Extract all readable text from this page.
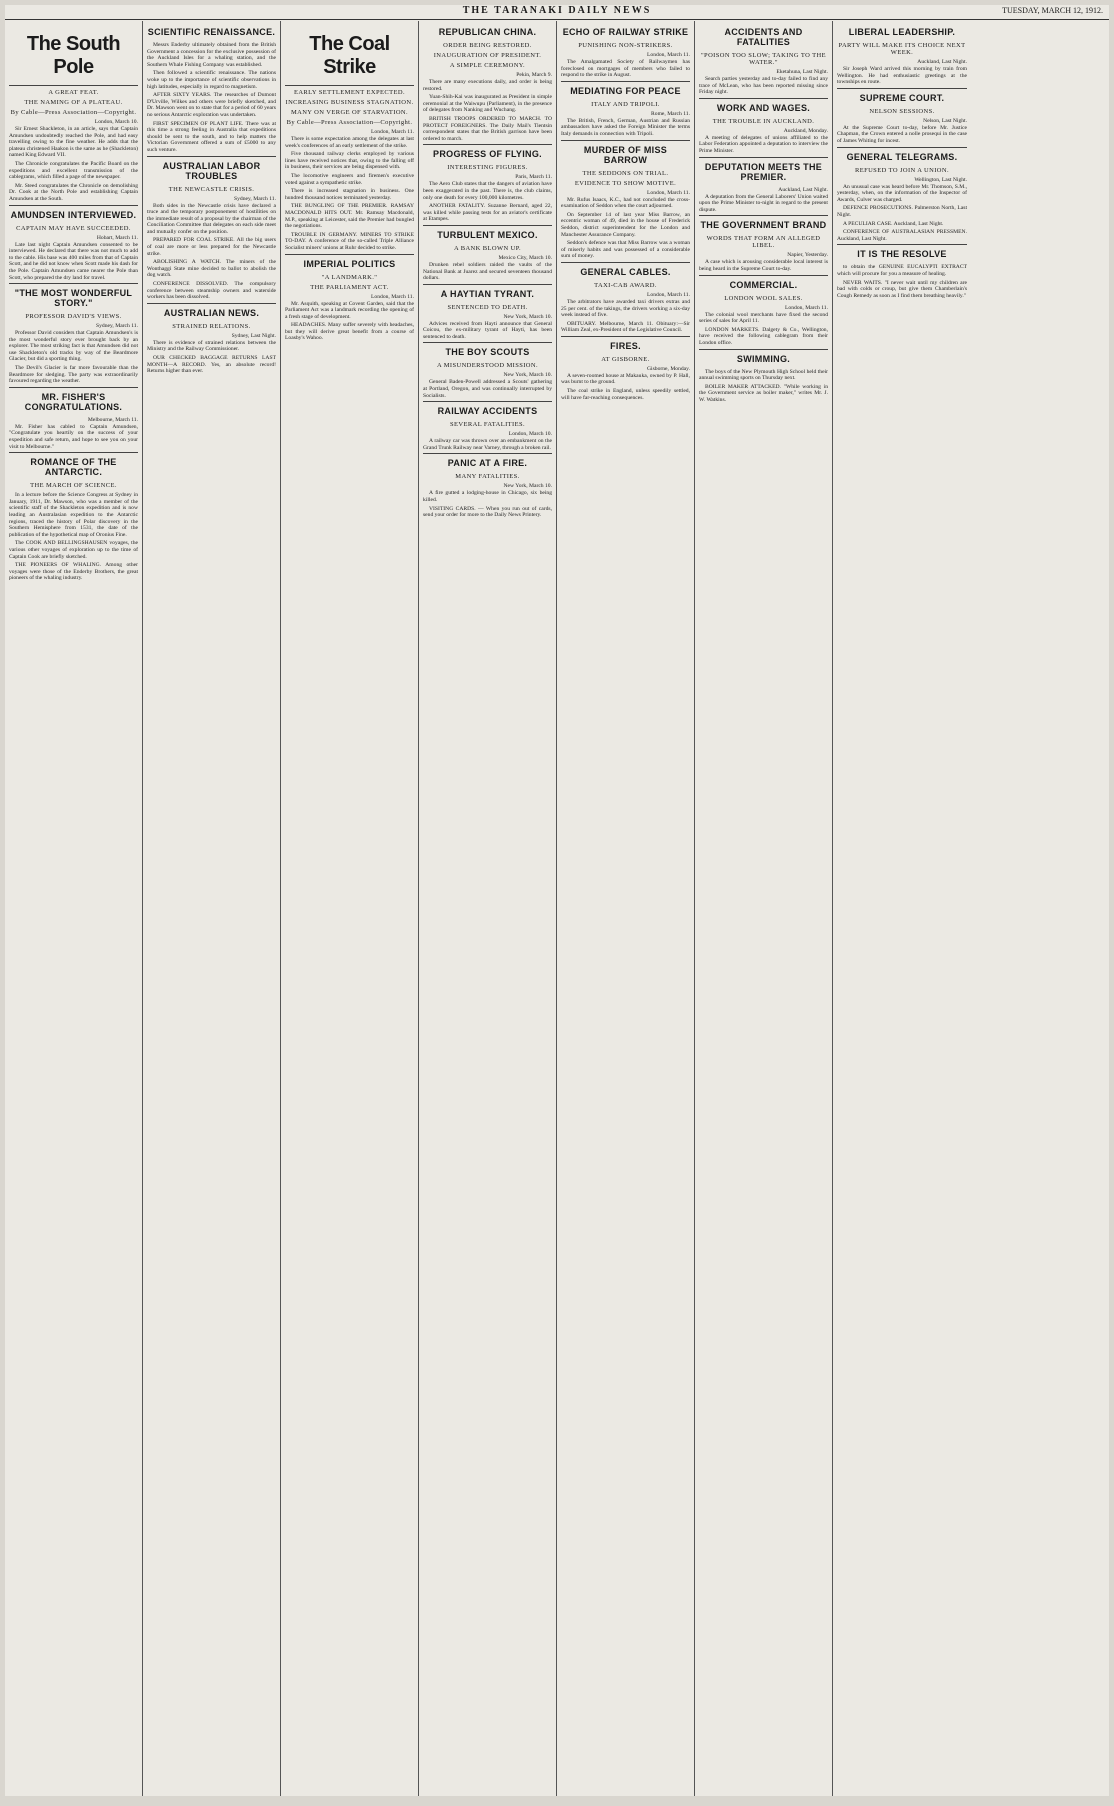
THE TARANAKI DAILY NEWS	TUESDAY, MARCH 12, 1912.
The South Pole
A GREAT FEAT.
THE NAMING OF A PLATEAU.
By Cable—Press Association—Copyright.
London, March 10.

Sir Ernest Shackleton, in an article, says that Captain Amundsen undoubtedly reached the Pole, and had easy travelling owing to the fine weather. He adds that the plateau christened Haakon is the same as he (Shackleton) named King Edward VII.

The Chronicle congratulates the Pacific Board on the expeditions and excellent transmission of the cablegrams, which filled a page of the newspaper.

Mr. Steed congratulates the Chronicle on demolishing Dr. Cook at the North Pole and establishing Captain Amundsen at the South.

AMUNDSEN INTERVIEWED.
CAPTAIN MAY HAVE SUCCEEDED.
Hobart, March 11.

Late last night Captain Amundsen consented to be interviewed. He declared that there was not much to add to the cable. His base was 400 miles from that of Captain Scott, and he did not know when Scott made his dash for the Pole. Captain Amundsen came nearer the Pole than Scott, who prepared the dry land for travel.

"THE MOST WONDERFUL STORY."
PROFESSOR DAVID'S VIEWS.
Sydney, March 11.

Professor David considers that Captain Amundsen's is the most wonderful story ever brought back by an explorer. The most striking fact is that Amundsen did not use Shackleton's old tracks by way of the Beardmore Glacier, but did a sporting thing.

The Devil's Glacier is far more favourable than the Beardmore for sledging. The party was extraordinarily favoured regarding the weather.

MR. FISHER'S CONGRATULATIONS.
Melbourne, March 11.

Mr. Fisher has cabled to Captain Amundsen, "Congratulate you heartily on the success of your expedition and safe return, and hope to see you on your visit to Melbourne."

ROMANCE OF THE ANTARCTIC.
THE MARCH OF SCIENCE.

In a lecture before the Science Congress at Sydney in January, 1911, Dr. Mawson, who was a member of the scientific staff of the Shackleton expedition and is now leading an Australasian expedition to the Antarctic regions, traced the history of Polar discovery in the Southern Hemisphere from 1531, the date of the publication of the hypothetical map of Oronius Fine.

The COOK AND BELLINGSHAUSEN voyages, the various other voyages of exploration up to the time of Captain Cook are briefly sketched.

THE PIONEERS OF WHALING. Among other voyages were those of the Enderby Brothers, the great pioneers of the whaling industry.

SCIENTIFIC RENAISSANCE.

Messrs Enderby ultimately obtained from the British Government a concession for the exclusive possession of the Auckland Isles for a whaling station, and the Southern Whale Fishing Company was established.

Then followed a scientific renaissance. The nations woke up to the importance of scientific observations in high latitudes, especially in regard to magnetism.

AFTER SIXTY YEARS. The researches of Dumont D'Urville, Wilkes and others were briefly sketched, and Dr. Mawson went on to state that for a period of 60 years no serious Antarctic exploration was undertaken.

FIRST SPECIMEN OF PLANT LIFE. There was at this time a strong feeling in Australia that expeditions should be sent to the south, and to help matters the Victorian Government offered a sum of £5000 to any such venture.

AUSTRALIAN LABOR TROUBLES
THE NEWCASTLE CRISIS.
Sydney, March 11.

Both sides in the Newcastle crisis have declared a truce and the temporary postponement of hostilities on the immediate result of a proposal by the chairman of the Conciliation Committee that delegates on each side meet and mutually confer on the position.

PREPARED FOR COAL STRIKE. All the big users of coal are more or less prepared for the Newcastle strike.

ABOLISHING A WATCH. The miners of the Wonthaggi State mine decided to ballot to abolish the dog watch.

CONFERENCE DISSOLVED. The compulsory conference between steamship owners and waterside workers has been dissolved.

AUSTRALIAN NEWS.
STRAINED RELATIONS.
Sydney, Last Night.

There is evidence of strained relations between the Ministry and the Railway Commissioner.

OUR CHECKED BAGGAGE RETURNS LAST MONTH—A RECORD. Yes, an absolute record! Returns higher than ever.

The Coal Strike
EARLY SETTLEMENT EXPECTED.
INCREASING BUSINESS STAGNATION.
MANY ON VERGE OF STARVATION.
By Cable—Press Association—Copyright.
London, March 11.

There is some expectation among the delegates at last week's conferences of an early settlement of the strike.

Five thousand railway clerks employed by various lines have received notices that, owing to the falling off in business, their services are being dispensed with.

The locomotive engineers and firemen's executive voted against a sympathetic strike.

There is increased stagnation in business. One hundred thousand notices terminated yesterday.

THE BUNGLING OF THE PREMIER. RAMSAY MACDONALD HITS OUT. Mr. Ramsay Macdonald, M.P., speaking at Leicester, said the Premier had bungled the negotiations.

TROUBLE IN GERMANY. MINERS TO STRIKE TO-DAY. A conference of the so-called Triple Alliance Socialist miners' unions at Ruhr decided to strike.

IMPERIAL POLITICS
"A LANDMARK."
THE PARLIAMENT ACT.
London, March 11.

Mr. Asquith, speaking at Covent Garden, said that the Parliament Act was a landmark recording the opening of a fresh stage of development.

HEADACHES. Many suffer severely with headaches, but they will derive great benefit from a course of Loasby's Wahoo.

REPUBLICAN CHINA.
ORDER BEING RESTORED.
INAUGURATION OF PRESIDENT.
A SIMPLE CEREMONY.
Pekin, March 9.

There are many executions daily, and order is being restored.

Yuan-Shih-Kai was inaugurated as President in simple ceremonial at the Waiwupu (Parliament), in the presence of delegates from Nanking and Wuchang.

BRITISH TROOPS ORDERED TO MARCH. TO PROTECT FOREIGNERS. The Daily Mail's Tientsin correspondent states that the British garrison have been ordered to march.

PROGRESS OF FLYING.
INTERESTING FIGURES.
Paris, March 11.

The Aero Club states that the dangers of aviation have been exaggerated in the past. There is, the club claims, only one death for every 100,000 kilometres.

ANOTHER FATALITY. Suzanne Bernard, aged 22, was killed while passing tests for an aviator's certificate at Etampes.

TURBULENT MEXICO.
A BANK BLOWN UP.
Mexico City, March 10.

Drunken rebel soldiers raided the vaults of the National Bank at Juarez and secured seventeen thousand dollars.

A HAYTIAN TYRANT.
SENTENCED TO DEATH.
New York, March 10.

Advices received from Hayti announce that General Coicou, the ex-military tyrant of Hayti, has been sentenced to death.

THE BOY SCOUTS
A MISUNDERSTOOD MISSION.
New York, March 10.

General Baden-Powell addressed a Scouts' gathering at Portland, Oregon, and was continually interrupted by Socialists.

RAILWAY ACCIDENTS
SEVERAL FATALITIES.
London, March 10.

A railway car was thrown over an embankment on the Grand Trunk Railway near Varney, through a broken rail.

PANIC AT A FIRE.
MANY FATALITIES.
New York, March 10.

A fire gutted a lodging-house in Chicago, six being killed.

VISITING CARDS. — When you run out of cards, send your order for more to the Daily News Printery.

ECHO OF RAILWAY STRIKE
PUNISHING NON-STRIKERS.
London, March 11.

The Amalgamated Society of Railwaymen has foreclosed on mortgages of members who failed to respond to the strike in August.

MEDIATING FOR PEACE
ITALY AND TRIPOLI.
Rome, March 11.

The British, French, German, Austrian and Russian ambassadors have asked the Foreign Minister the terms Italy demands in connection with Tripoli.

MURDER OF MISS BARROW
THE SEDDONS ON TRIAL.
EVIDENCE TO SHOW MOTIVE.
London, March 11.

Mr. Rufus Isaacs, K.C., had not concluded the cross-examination of Seddon when the court adjourned.

On September 14 of last year Miss Barrow, an eccentric woman of 49, died in the house of Frederick Seddon, district superintendent for the London and Manchester Assurance Company.

Seddon's defence was that Miss Barrow was a woman of miserly habits and was possessed of a considerable sum of money.

GENERAL CABLES.
TAXI-CAB AWARD.
London, March 11.

The arbitrators have awarded taxi drivers extras and 25 per cent. of the takings, the drivers working a six-day week instead of five.

OBITUARY. Melbourne, March 11. Obituary:—Sir William Zeal, ex-President of the Legislative Council.

FIRES.
AT GISBORNE.
Gisborne, Monday.

A seven-roomed house at Makauka, owned by P. Hall, was burnt to the ground.

The coal strike in England, unless speedily settled, will have far-reaching consequences.

ACCIDENTS AND FATALITIES
"POISON TOO SLOW; TAKING TO THE WATER."
Eketahuna, Last Night.

Search parties yesterday and to-day failed to find any trace of McLean, who has been reported missing since Friday night.

WORK AND WAGES.
THE TROUBLE IN AUCKLAND.
Auckland, Monday.

A meeting of delegates of unions affiliated to the Labor Federation appointed a deputation to interview the Prime Minister.

DEPUTATION MEETS THE PREMIER.
Auckland, Last Night.

A deputation from the General Laborers' Union waited upon the Prime Minister to-night in regard to the present dispute.

THE GOVERNMENT BRAND
WORDS THAT FORM AN ALLEGED LIBEL.
Napier, Yesterday.

A case which is arousing considerable local interest is being heard in the Supreme Court to-day.

COMMERCIAL.
LONDON WOOL SALES.
London, March 11.

The colonial wool merchants have fixed the second series of sales for April 11.

LONDON MARKETS. Dalgety & Co., Wellington, have received the following cablegram from their London office.

SWIMMING.

The boys of the New Plymouth High School held their annual swimming sports on Thursday next.

BOILER MAKER ATTACKED. "While working in the Government service as boiler maker," writes Mr. J. W. Watkins.

LIBERAL LEADERSHIP.
PARTY WILL MAKE ITS CHOICE NEXT WEEK.
Auckland, Last Night.

Sir Joseph Ward arrived this morning by train from Wellington. He had enthusiastic greetings at the townships en route.

SUPREME COURT.
NELSON SESSIONS.
Nelson, Last Night.

At the Supreme Court to-day, before Mr. Justice Chapman, the Crown entered a nolle prosequi in the case of James Whiting for incest.

GENERAL TELEGRAMS.
REFUSED TO JOIN A UNION.
Wellington, Last Night.

An unusual case was heard before Mr. Thomson, S.M., yesterday, when, on the information of the Inspector of Awards, Culver was charged.

DEFENCE PROSECUTIONS. Palmerston North, Last Night.

A PECULIAR CASE. Auckland, Last Night.

CONFERENCE OF AUSTRALASIAN PRESSMEN. Auckland, Last Night.

IT IS THE RESOLVE

to obtain the GENUINE EUCALYPTI EXTRACT which will procure for you a measure of healing.

NEVER WAITS. "I never wait until my children are bad with colds or croup, but give them Chamberlain's Cough Remedy as soon as I find them breathing heavily."
